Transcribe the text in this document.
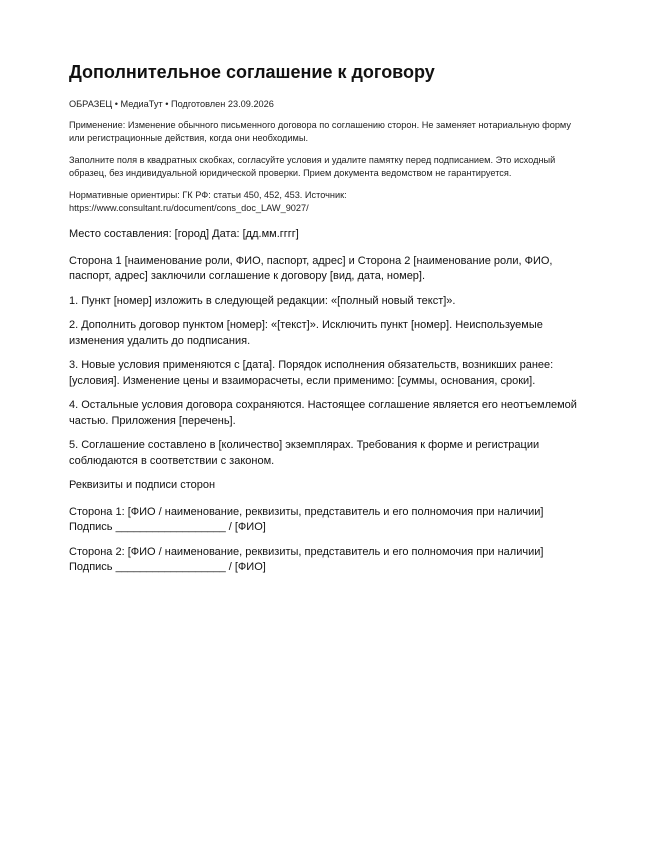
Дополнительное соглашение к договору

ОБРАЗЕЦ • МедиаТут • Подготовлен 23.09.2026

Применение: Изменение обычного письменного договора по соглашению сторон. Не заменяет нотариальную форму или регистрационные действия, когда они необходимы.

Заполните поля в квадратных скобках, согласуйте условия и удалите памятку перед подписанием. Это исходный образец, без индивидуальной юридической проверки. Прием документа ведомством не гарантируется.

Нормативные ориентиры: ГК РФ: статьи 450, 452, 453. Источник: https://www.consultant.ru/document/cons_doc_LAW_9027/

Место составления: [город] Дата: [дд.мм.гггг]

Сторона 1 [наименование роли, ФИО, паспорт, адрес] и Сторона 2 [наименование роли, ФИО, паспорт, адрес] заключили соглашение к договору [вид, дата, номер].

1. Пункт [номер] изложить в следующей редакции: «[полный новый текст]».

2. Дополнить договор пунктом [номер]: «[текст]». Исключить пункт [номер]. Неиспользуемые изменения удалить до подписания.

3. Новые условия применяются с [дата]. Порядок исполнения обязательств, возникших ранее: [условия]. Изменение цены и взаиморасчеты, если применимо: [суммы, основания, сроки].

4. Остальные условия договора сохраняются. Настоящее соглашение является его неотъемлемой частью. Приложения [перечень].

5. Соглашение составлено в [количество] экземплярах. Требования к форме и регистрации соблюдаются в соответствии с законом.

Реквизиты и подписи сторон

Сторона 1: [ФИО / наименование, реквизиты, представитель и его полномочия при наличии]
Подпись __________________ / [ФИО]

Сторона 2: [ФИО / наименование, реквизиты, представитель и его полномочия при наличии]
Подпись __________________ / [ФИО]
